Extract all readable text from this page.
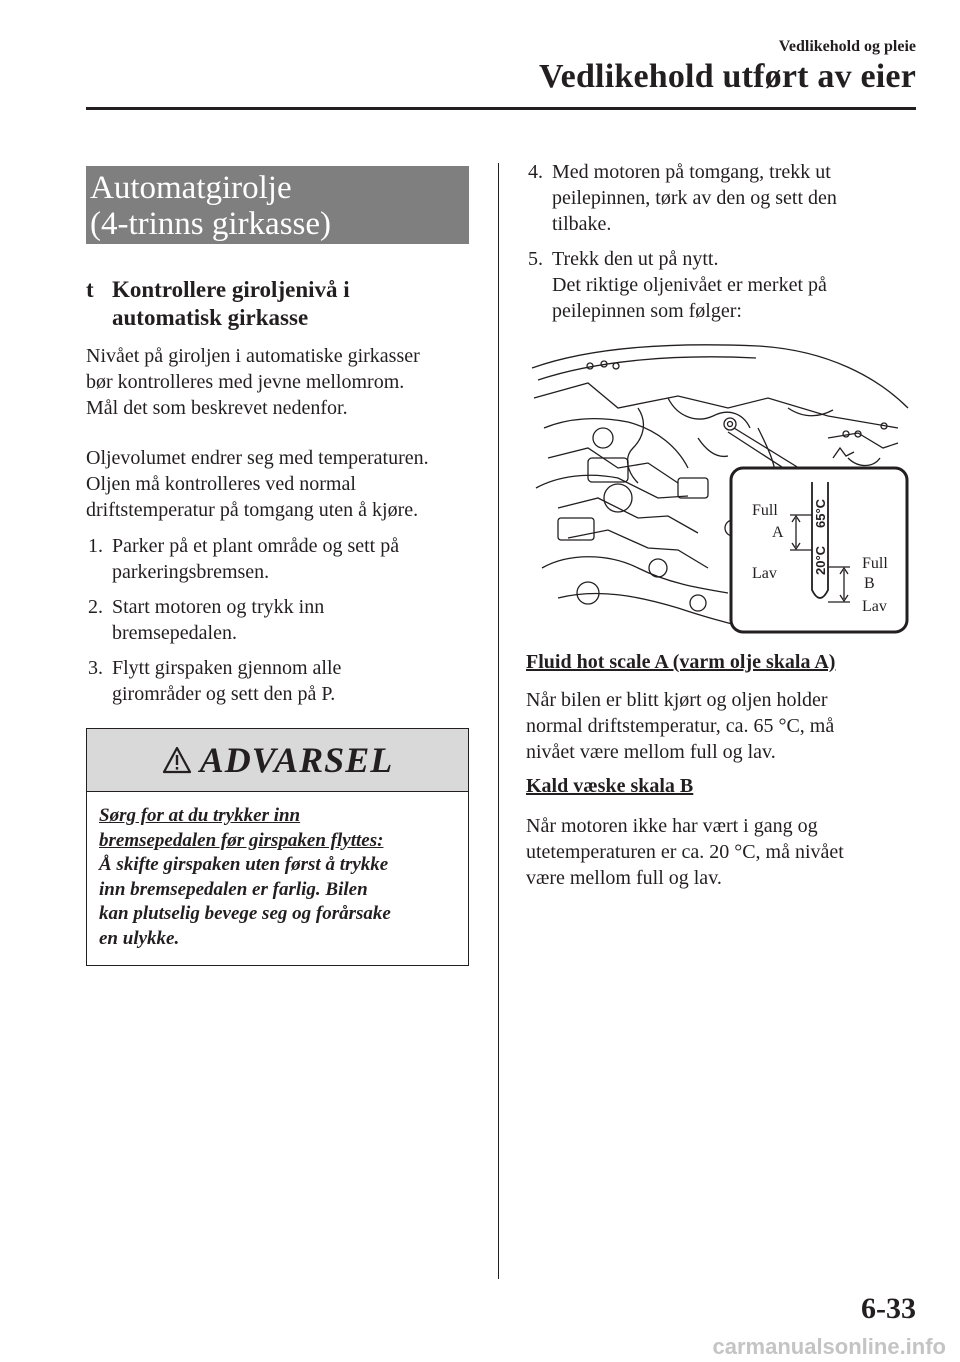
Vedlikehold og pleie
Vedlikehold utført av eier
Automatgirolje
(4-trinns girkasse)
t Kontrollere giroljenivå i
automatisk girkasse
Nivået på giroljen i automatiske girkasser
bør kontrolleres med jevne mellomrom.
Mål det som beskrevet nedenfor.
Oljevolumet endrer seg med temperaturen.
Oljen må kontrolleres ved normal
driftstemperatur på tomgang uten å kjøre.
1. Parker på et plant område og sett på
parkeringsbremsen.
2. Start motoren og trykk inn
bremsepedalen.
3. Flytt girspaken gjennom alle
girområder og sett den på P.
ADVARSEL
Sørg for at du trykker inn
bremsepedalen før girspaken flyttes:
Å skifte girspaken uten først å trykke
inn bremsepedalen er farlig. Bilen
kan plutselig bevege seg og forårsake
en ulykke.
4. Med motoren på tomgang, trekk ut
peilepinnen, tørk av den og sett den
tilbake.
5. Trekk den ut på nytt.
Det riktige oljenivået er merket på
peilepinnen som følger:
65°C
20°C
Full
A
Lav
Full
B
Lav
Fluid hot scale A (varm olje skala A)
Når bilen er blitt kjørt og oljen holder
normal driftstemperatur, ca. 65 °C, må
nivået være mellom full og lav.
Kald væske skala B
Når motoren ikke har vært i gang og
utetemperaturen er ca. 20 °C, må nivået
være mellom full og lav.
6-33
carmanualsonline.info
